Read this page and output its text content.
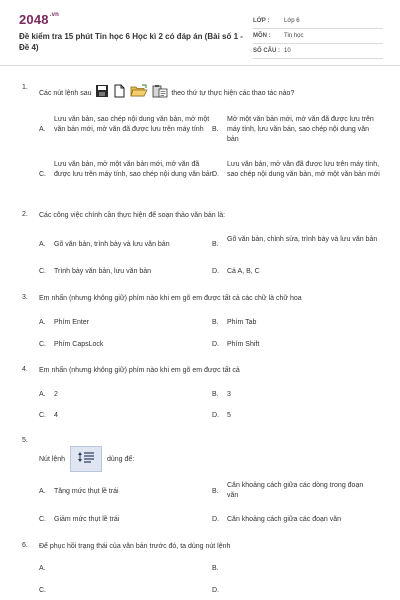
$2048^{.vn}$
Đề kiểm tra 15 phút Tin học 6 Học kì 2 có đáp án (Bài số 1 - Đề 4)
LỚP :	Lớp 6
MÔN :	Tin học
SỐ CÂU : 10
1.
Các nút lệnh sau	theo thứ tự thực hiện các thao tác nào?
A.
Lưu văn bản, sao chép nội dung văn bản, mở một văn bản mới, mở văn đã được lưu trên máy tính	B.
Mở một văn bản mới, mở văn đã được lưu trên máy tính, lưu văn bản, sao chép nội dung văn bản
C.
Lưu văn bản, mở một văn bản mới, mở văn đã được lưu trên máy tính, sao chép nội dung văn bản
D.
Lưu văn bản, mở văn đã được lưu trên máy tính, sao chép nội dung văn bản, mở một văn bản mới
2. Các công việc chính cần thực hiện để soạn thảo văn bản là:
A. Gõ văn bản, trình bày và lưu văn bản	B.
Gõ văn bản, chỉnh sửa, trình bày và lưu văn bản
C. Trình bày văn bản, lưu văn bản	D. Cả A, B, C
3. Em nhấn (nhưng không giữ) phím nào khi em gõ em được tất cả các chữ là chữ hoa
A. Phím Enter	B. Phím Tab
C. Phím CapsLock	D. Phím Shift
4. Em nhấn (nhưng không giữ) phím nào khi em gõ em được tất cả
A. 2	B. 3
C. 4	D. 5
5.
Nút lệnh	dùng để:
A. Tăng mức thụt lề trái	B.
Căn khoảng cách giữa các dòng trong đoạn văn
C. Giảm mức thụt lề trái	D. Căn khoảng cách giữa các đoạn văn
6. Để phục hồi trạng thái của văn bản trước đó, ta dùng nút lệnh
A.	B.
C.	D.
